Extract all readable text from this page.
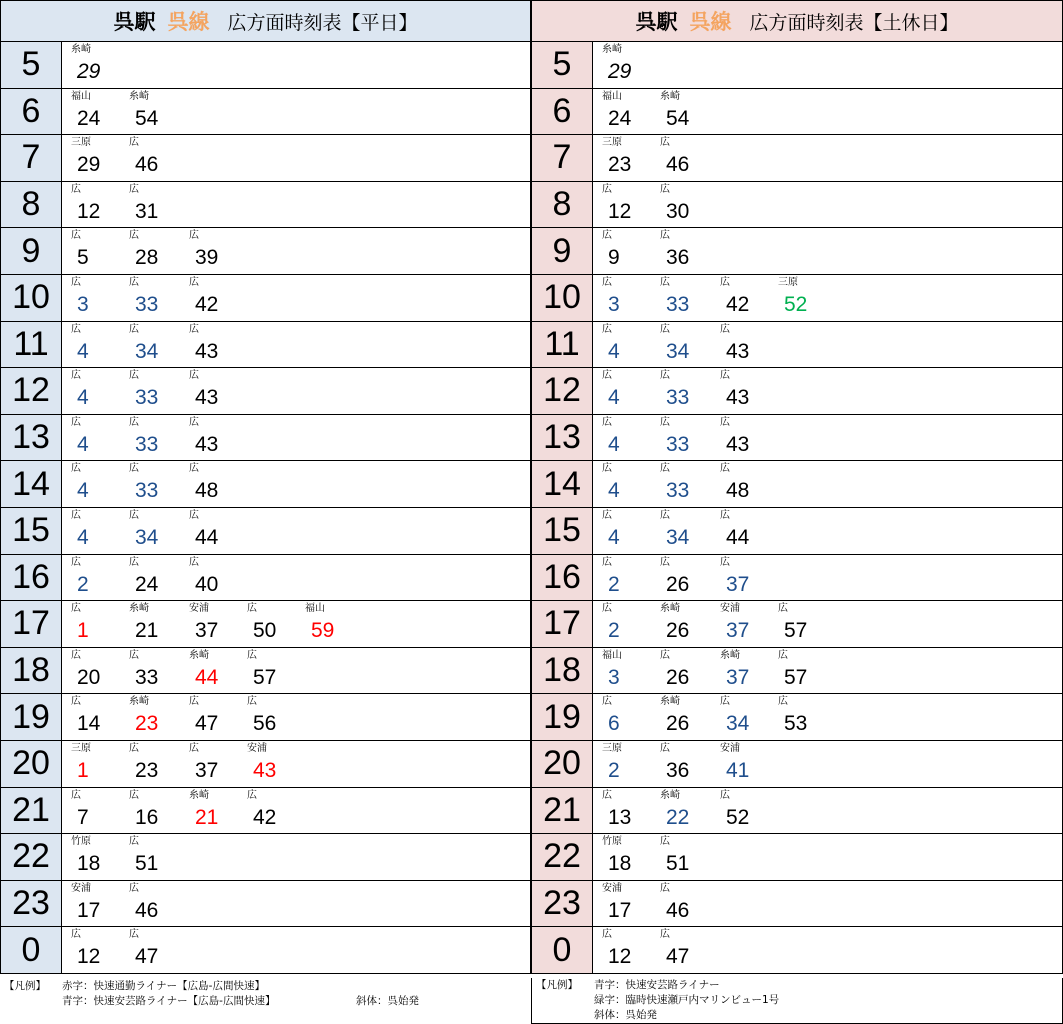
呉駅 呉線 広方面時刻表【平日】
5	糸崎
29
6	福山
24
糸崎
54
7	三原
29
広
46
8	広
12
広
31
9	広
5
広
28
広
39
10	広
3
広
33
広
42
11	広
4
広
34
広
43
12	広
4
広
33
広
43
13	広
4
広
33
広
43
14	広
4
広
33
広
48
15	広
4
広
34
広
44
16	広
2
広
24
広
40
17	広
1
糸崎
21
安浦
37
広
50
福山
59
18	広
20
広
33
糸崎
44
広
57
19	広
14
糸崎
23
広
47
広
56
20	三原
1
広
23
広
37
安浦
43
21	広
7
広
16
糸崎
21
広
42
22	竹原
18
広
51
23	安浦
17
広
46
0	広
12
広
47
【凡例】 赤字：快速通勤ライナー【広島-広間快速】
青字：快速安芸路ライナー【広島-広間快速】	斜体：呉始発
呉駅 呉線 広方面時刻表【土休日】
5	糸崎
29
6	福山
24
糸崎
54
7	三原
23
広
46
8	広
12
広
30
9	広
9
広
36
10	広
3
広
33
広
42
三原
52
11	広
4
広
34
広
43
12	広
4
広
33
広
43
13	広
4
広
33
広
43
14	広
4
広
33
広
48
15	広
4
広
34
広
44
16	広
2
広
26
広
37
17	広
2
糸崎
26
安浦
37
広
57
18	福山
3
広
26
糸崎
37
広
57
19	広
6
糸崎
26
広
34
広
53
20	三原
2
広
36
安浦
41
21	広
13
糸崎
22
広
52
22	竹原
18
広
51
23	安浦
17
広
46
0	広
12
広
47
【凡例】 青字：快速安芸路ライナー
緑字：臨時快速瀬戸内マリンビュー1号
斜体：呉始発
